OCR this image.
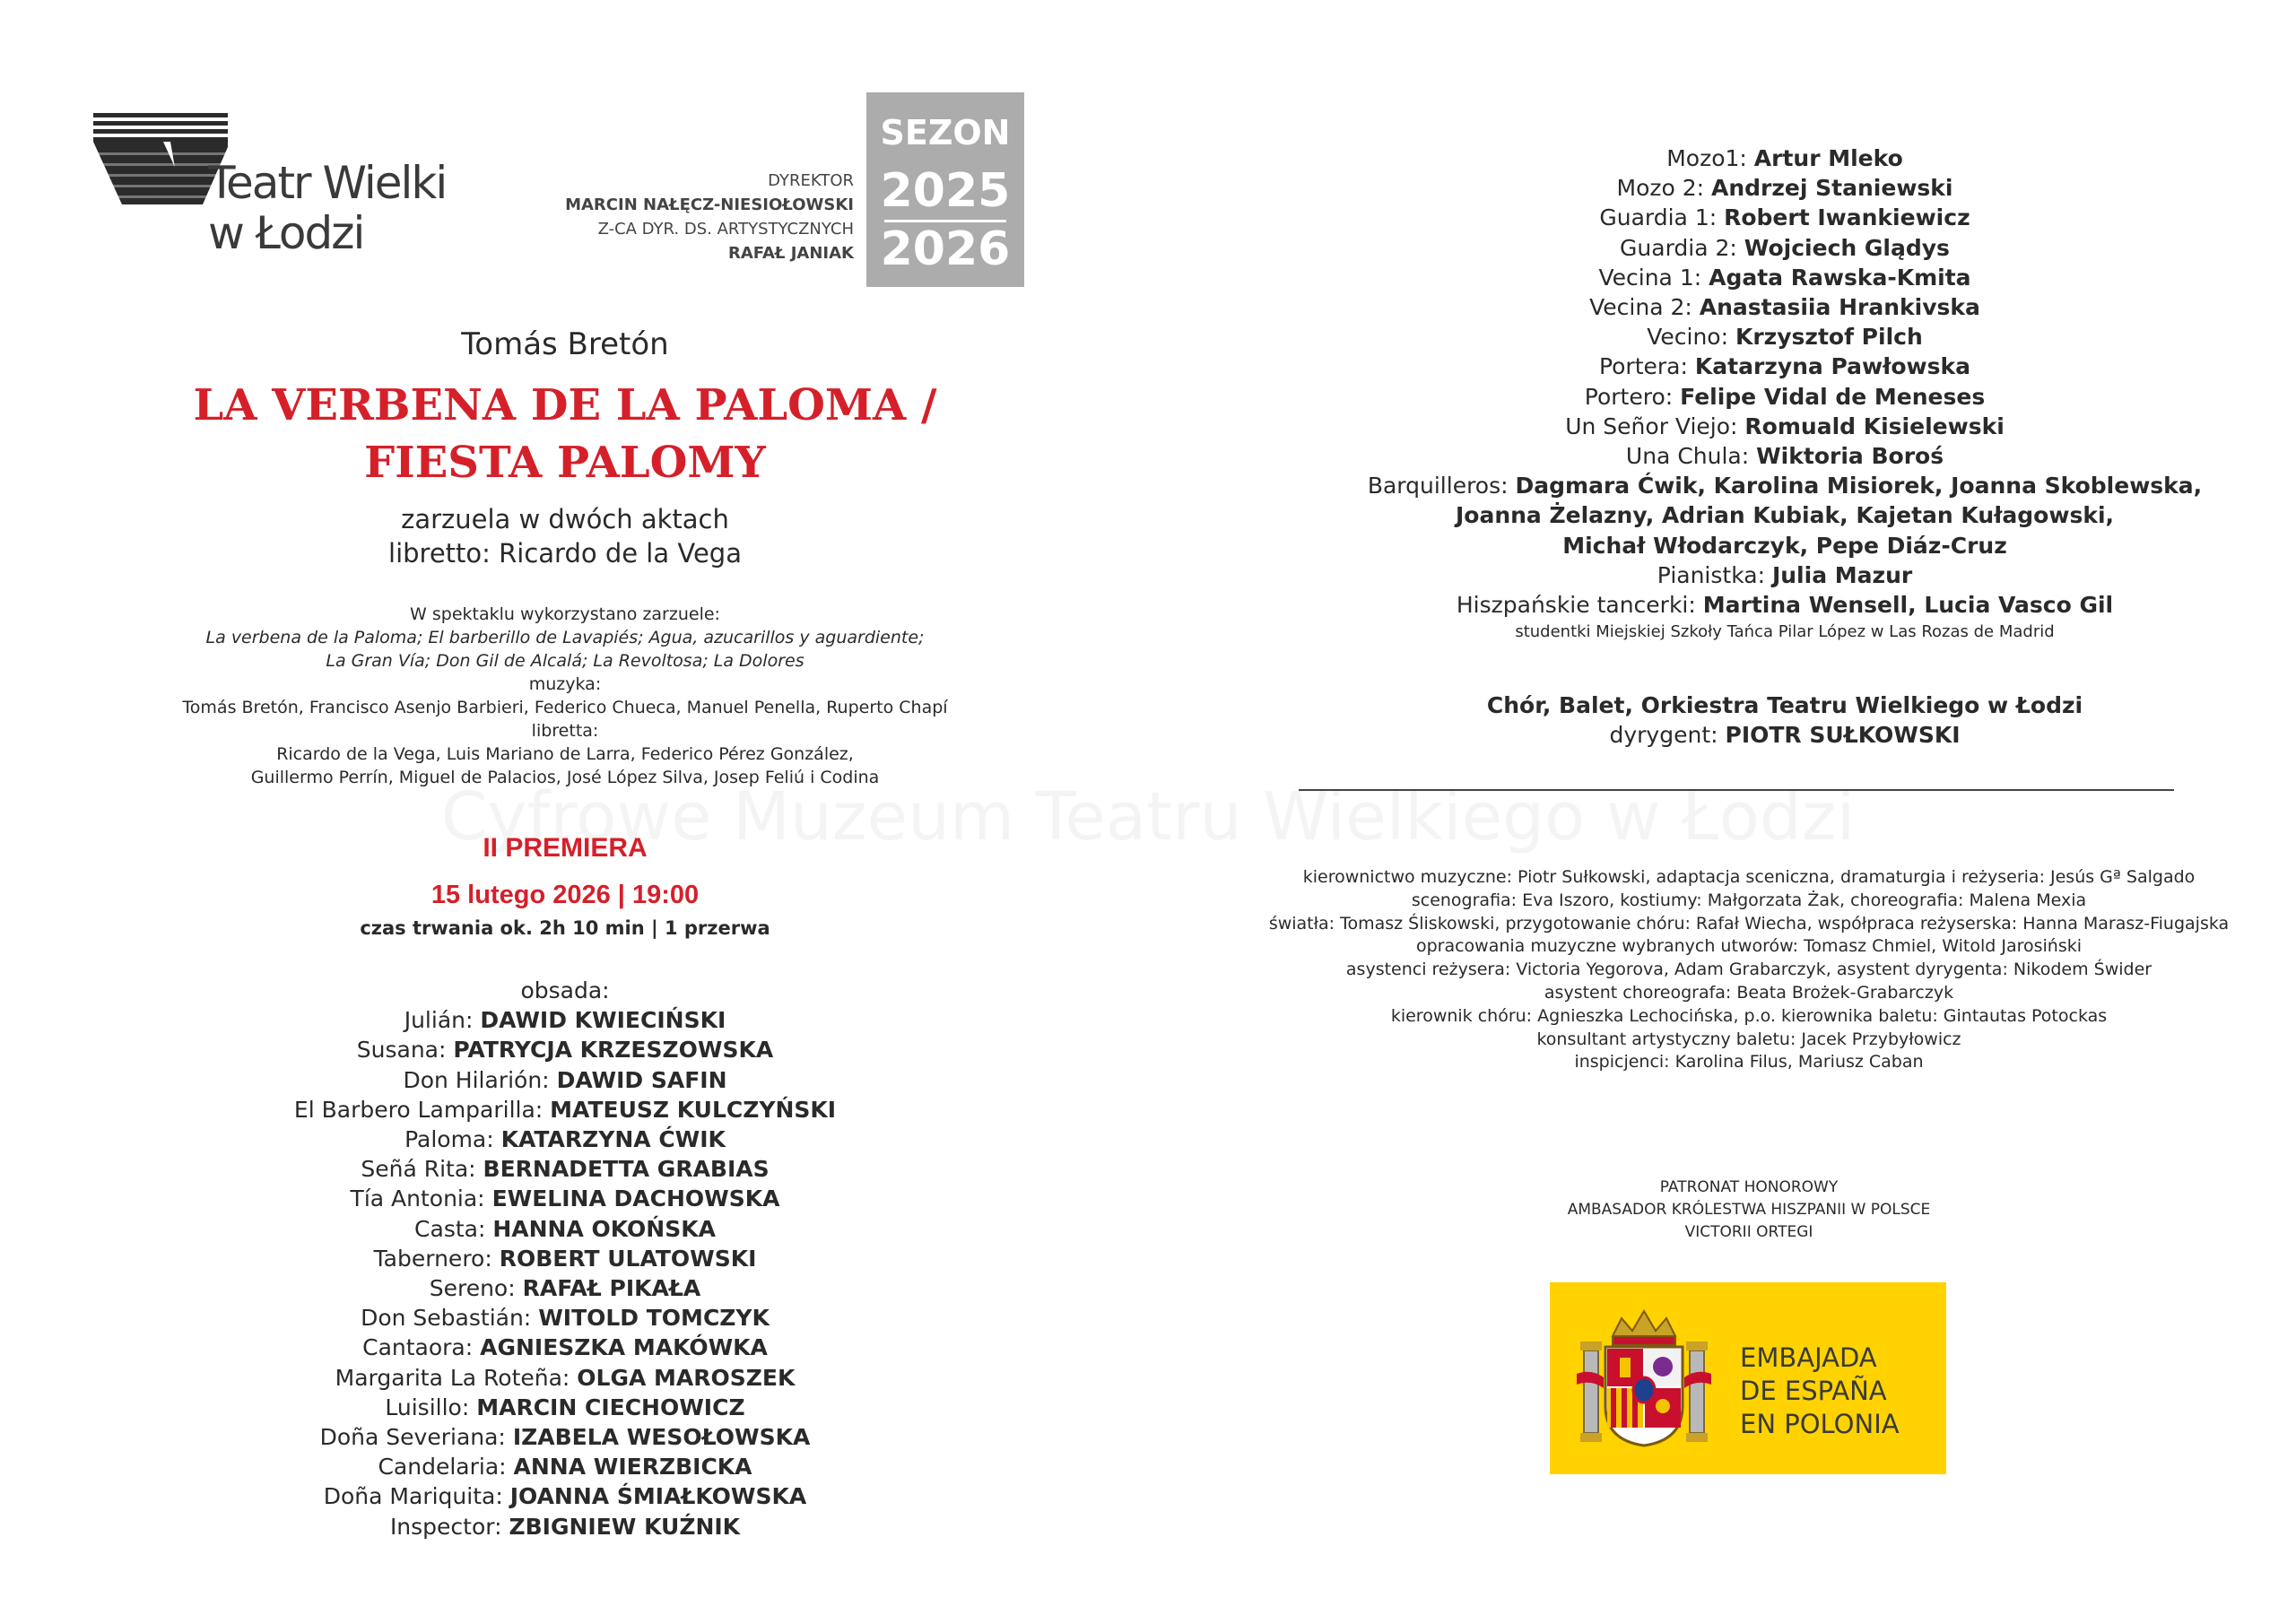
Teatr Wielki
w Łodzi
DYREKTOR
MARCIN NAŁĘCZ-NIESIOŁOWSKI
Z-CA DYR. DS. ARTYSTYCZNYCH
RAFAŁ JANIAK
SEZON
2025
2026
Tomás Bretón
LA VERBENA DE LA PALOMA /
FIESTA PALOMY
zarzuela w dwóch aktach
libretto: Ricardo de la Vega
W spektaklu wykorzystano zarzuele:
La verbena de la Paloma; El barberillo de Lavapiés; Agua, azucarillos y aguardiente;
La Gran Vía; Don Gil de Alcalá; La Revoltosa; La Dolores
muzyka:
Tomás Bretón, Francisco Asenjo Barbieri, Federico Chueca, Manuel Penella, Ruperto Chapí
libretta:
Ricardo de la Vega, Luis Mariano de Larra, Federico Pérez González,
Guillermo Perrín, Miguel de Palacios, José López Silva, Josep Feliú i Codina
II PREMIERA
15 lutego 2026 | 19:00
czas trwania ok. 2h 10 min | 1 przerwa
obsada:
Julián: DAWID KWIECIŃSKI
Susana: PATRYCJA KRZESZOWSKA
Don Hilarión: DAWID SAFIN
El Barbero Lamparilla: MATEUSZ KULCZYŃSKI
Paloma: KATARZYNA ĆWIK
Señá Rita: BERNADETTA GRABIAS
Tía Antonia: EWELINA DACHOWSKA
Casta: HANNA OKOŃSKA
Tabernero: ROBERT ULATOWSKI
Sereno: RAFAŁ PIKAŁA
Don Sebastián: WITOLD TOMCZYK
Cantaora: AGNIESZKA MAKÓWKA
Margarita La Roteña: OLGA MAROSZEK
Luisillo: MARCIN CIECHOWICZ
Doña Severiana: IZABELA WESOŁOWSKA
Candelaria: ANNA WIERZBICKA
Doña Mariquita: JOANNA ŚMIAŁKOWSKA
Inspector: ZBIGNIEW KUŹNIK
Mozo1: Artur Mleko
Mozo 2: Andrzej Staniewski
Guardia 1: Robert Iwankiewicz
Guardia 2: Wojciech Glądys
Vecina 1: Agata Rawska-Kmita
Vecina 2: Anastasiia Hrankivska
Vecino: Krzysztof Pilch
Portera: Katarzyna Pawłowska
Portero: Felipe Vidal de Meneses
Un Señor Viejo: Romuald Kisielewski
Una Chula: Wiktoria Boroś
Barquilleros: Dagmara Ćwik, Karolina Misiorek, Joanna Skoblewska,
Joanna Żelazny, Adrian Kubiak, Kajetan Kułagowski,
Michał Włodarczyk, Pepe Diáz-Cruz
Pianistka: Julia Mazur
Hiszpańskie tancerki: Martina Wensell, Lucia Vasco Gil
studentki Miejskiej Szkoły Tańca Pilar López w Las Rozas de Madrid
Chór, Balet, Orkiestra Teatru Wielkiego w Łodzi
dyrygent: PIOTR SUŁKOWSKI
kierownictwo muzyczne: Piotr Sułkowski, adaptacja sceniczna, dramaturgia i reżyseria: Jesús Gª Salgado
scenografia: Eva Iszoro, kostiumy: Małgorzata Żak, choreografia: Malena Mexia
światła: Tomasz Śliskowski, przygotowanie chóru: Rafał Wiecha, współpraca reżyserska: Hanna Marasz-Fiugajska
opracowania muzyczne wybranych utworów: Tomasz Chmiel, Witold Jarosiński
asystenci reżysera: Victoria Yegorova, Adam Grabarczyk, asystent dyrygenta: Nikodem Świder
asystent choreografa: Beata Brożek-Grabarczyk
kierownik chóru: Agnieszka Lechocińska, p.o. kierownika baletu: Gintautas Potockas
konsultant artystyczny baletu: Jacek Przybyłowicz
inspicjenci: Karolina Filus, Mariusz Caban
PATRONAT HONOROWY
AMBASADOR KRÓLESTWA HISZPANII W POLSCE
VICTORII ORTEGI
EMBAJADA
DE ESPAÑA
EN POLONIA
